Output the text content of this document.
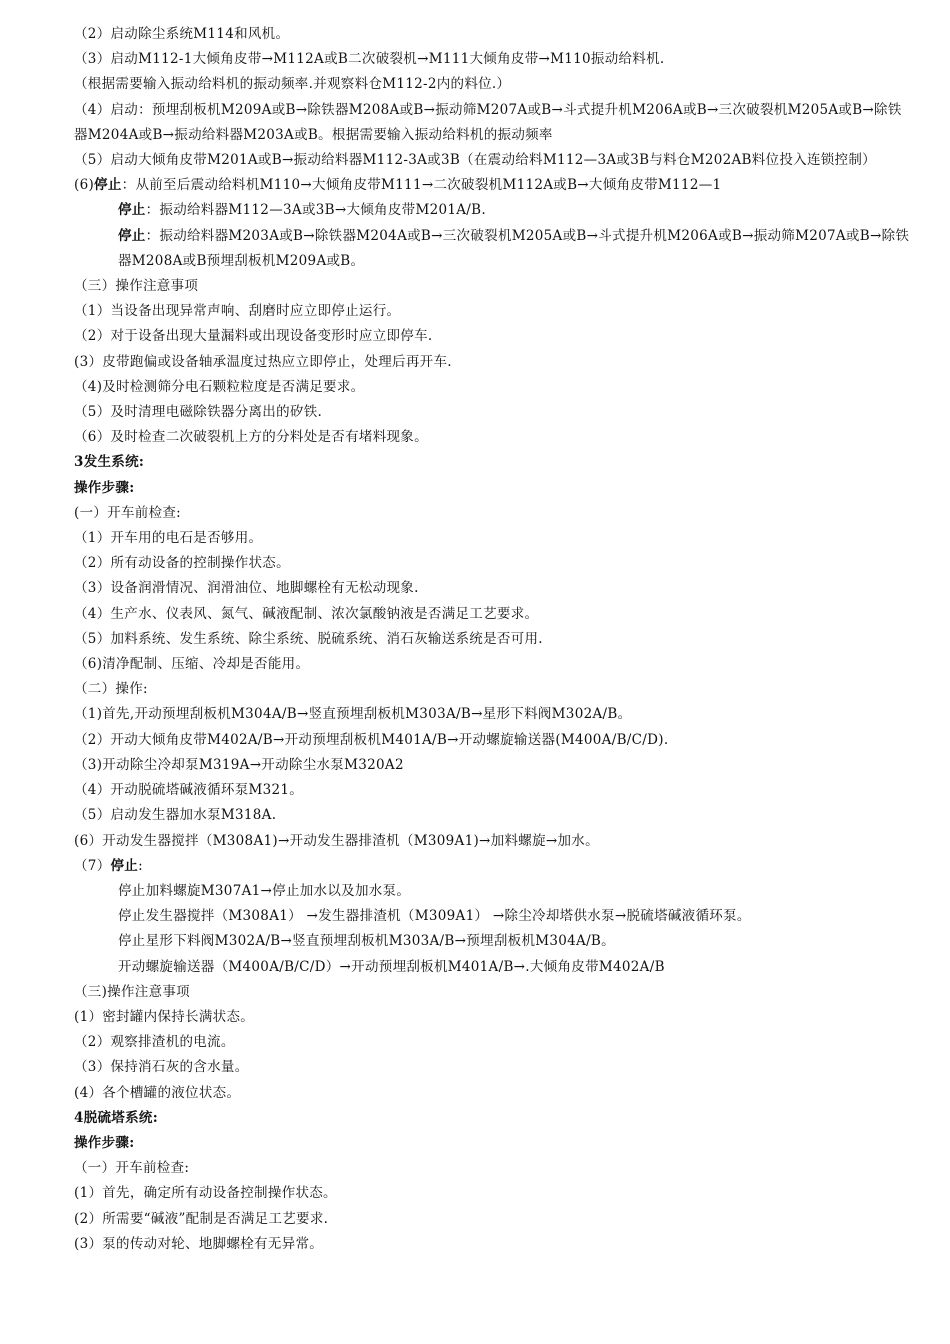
（2）启动除尘系统M114和风机。
（3）启动M112-1大倾角皮带→M112A或B二次破裂机→M111大倾角皮带→M110振动给料机.
（根据需要输入振动给料机的振动频率.并观察料仓M112-2内的料位.）
（4）启动：预埋刮板机M209A或B→除铁器M208A或B→振动筛M207A或B→斗式提升机M206A或B→三次破裂机M205A或B→除铁器M204A或B→振动给料器M203A或B。根据需要输入振动给料机的振动频率
（5）启动大倾角皮带M201A或B→振动给料器M112-3A或3B（在震动给料M112—3A或3B与料仓M202AB料位投入连锁控制）
(6)停止：从前至后震动给料机M110→大倾角皮带M111→二次破裂机M112A或B→大倾角皮带M112—1
停止：振动给料器M112—3A或3B→大倾角皮带M201A/B.
停止：振动给料器M203A或B→除铁器M204A或B→三次破裂机M205A或B→斗式提升机M206A或B→振动筛M207A或B→除铁器M208A或B预埋刮板机M209A或B。
（三）操作注意事项
（1）当设备出现异常声响、刮磨时应立即停止运行。
（2）对于设备出现大量漏料或出现设备变形时应立即停车.
(3）皮带跑偏或设备轴承温度过热应立即停止，处理后再开车.
（4)及时检测筛分电石颗粒粒度是否满足要求。
（5）及时清理电磁除铁器分离出的矽铁.
（6）及时检查二次破裂机上方的分料处是否有堵料现象。
3发生系统:
操作步骤:
(一）开车前检查:
（1）开车用的电石是否够用。
（2）所有动设备的控制操作状态。
（3）设备润滑情况、润滑油位、地脚螺栓有无松动现象.
（4）生产水、仪表风、氮气、碱液配制、浓次氯酸钠液是否满足工艺要求。
（5）加料系统、发生系统、除尘系统、脱硫系统、消石灰输送系统是否可用.
（6)清净配制、压缩、冷却是否能用。
（二）操作:
（1)首先,开动预埋刮板机M304A/B→竖直预埋刮板机M303A/B→星形下料阀M302A/B。
（2）开动大倾角皮带M402A/B→开动预埋刮板机M401A/B→开动螺旋输送器(M400A/B/C/D).
（3)开动除尘冷却泵M319A→开动除尘水泵M320A2
（4）开动脱硫塔碱液循环泵M321。
（5）启动发生器加水泵M318A.
(6）开动发生器搅拌（M308A1)→开动发生器排渣机（M309A1)→加料螺旋→加水。
（7）停止:
停止加料螺旋M307A1→停止加水以及加水泵。
停止发生器搅拌（M308A1） →发生器排渣机（M309A1） →除尘冷却塔供水泵→脱硫塔碱液循环泵。
停止星形下料阀M302A/B→竖直预埋刮板机M303A/B→预埋刮板机M304A/B。
开动螺旋输送器（M400A/B/C/D）→开动预埋刮板机M401A/B→.大倾角皮带M402A/B
（三)操作注意事项
(1）密封罐内保持长满状态。
（2）观察排渣机的电流。
（3）保持消石灰的含水量。
(4）各个槽罐的液位状态。
4脱硫塔系统:
操作步骤:
（一）开车前检查:
(1）首先，确定所有动设备控制操作状态。
(2）所需要“碱液”配制是否满足工艺要求.
(3）泵的传动对轮、地脚螺栓有无异常。
